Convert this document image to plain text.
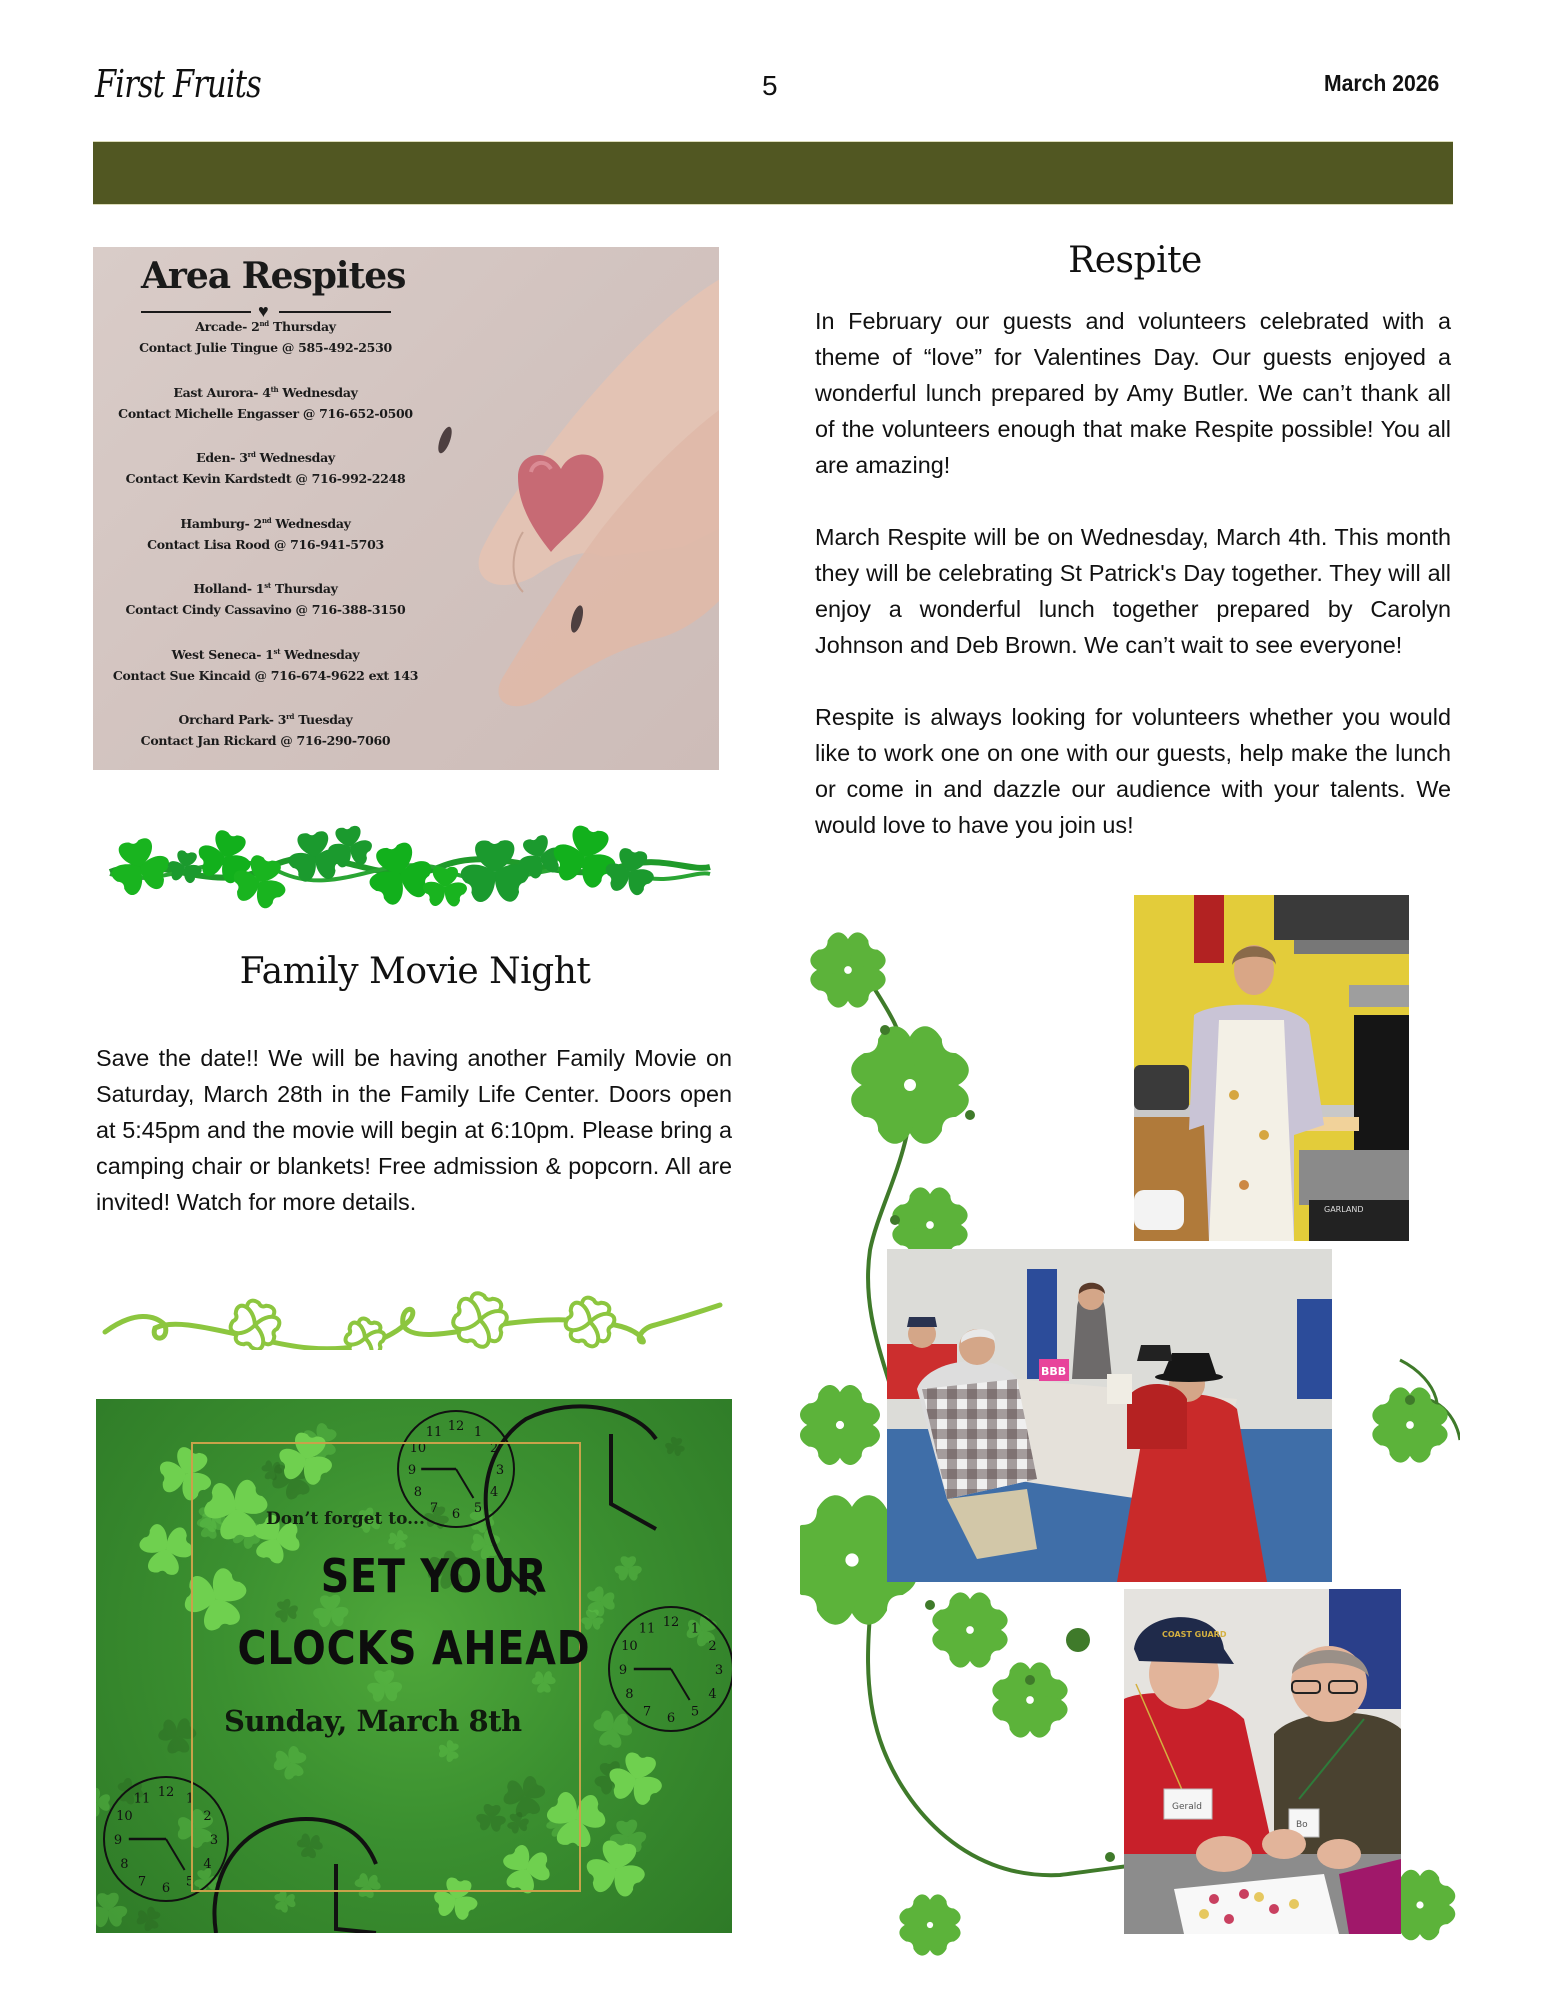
First Fruits	5	March 2026
Area Respites
♥
Arcade- 2nd Thursday
Contact Julie Tingue @ 585-492-2530
East Aurora- 4th Wednesday
Contact Michelle Engasser @ 716-652-0500
Eden- 3rd Wednesday
Contact Kevin Kardstedt @ 716-992-2248
Hamburg- 2nd Wednesday
Contact Lisa Rood @ 716-941-5703
Holland- 1st Thursday
Contact Cindy Cassavino @ 716-388-3150
West Seneca- 1st Wednesday
Contact Sue Kincaid @ 716-674-9622 ext 143
Orchard Park- 3rd Tuesday
Contact Jan Rickard @ 716-290-7060
Family Movie Night

Save the date!! We will be having another Family Movie on Saturday, March 28th in the Family Life Center. Doors open at 5:45pm and the movie will begin at 6:10pm. Please bring a camping chair or blankets! Free admission & popcorn. All are invited! Watch for more details.

12 1
2
3
4
5
6
7
8
9
10
11
12 1
2
3
4
5
6
7
8
9
10
11
12 1
2
3
4
5
6
7
8
9
10
11
Don’t forget to...
SET YOUR
CLOCKS AHEAD
Sunday, March 8th
Respite

In February our guests and volunteers celebrated with a theme of “love” for Valentines Day. Our guests enjoyed a wonderful lunch prepared by Amy Butler. We can’t thank all of the volunteers enough that make Respite possible! You all are amazing!

March Respite will be on Wednesday, March 4th. This month they will be celebrating St Patrick's Day together. They will all enjoy a wonderful lunch together prepared by Carolyn Johnson and Deb Brown. We can’t wait to see everyone!

Respite is always looking for volunteers whether you would like to work one on one with our guests, help make the lunch or come in and dazzle our audience with your talents. We would love to have you join us!

GARLAND
BBB
COAST GUARD
Gerald
Bo
